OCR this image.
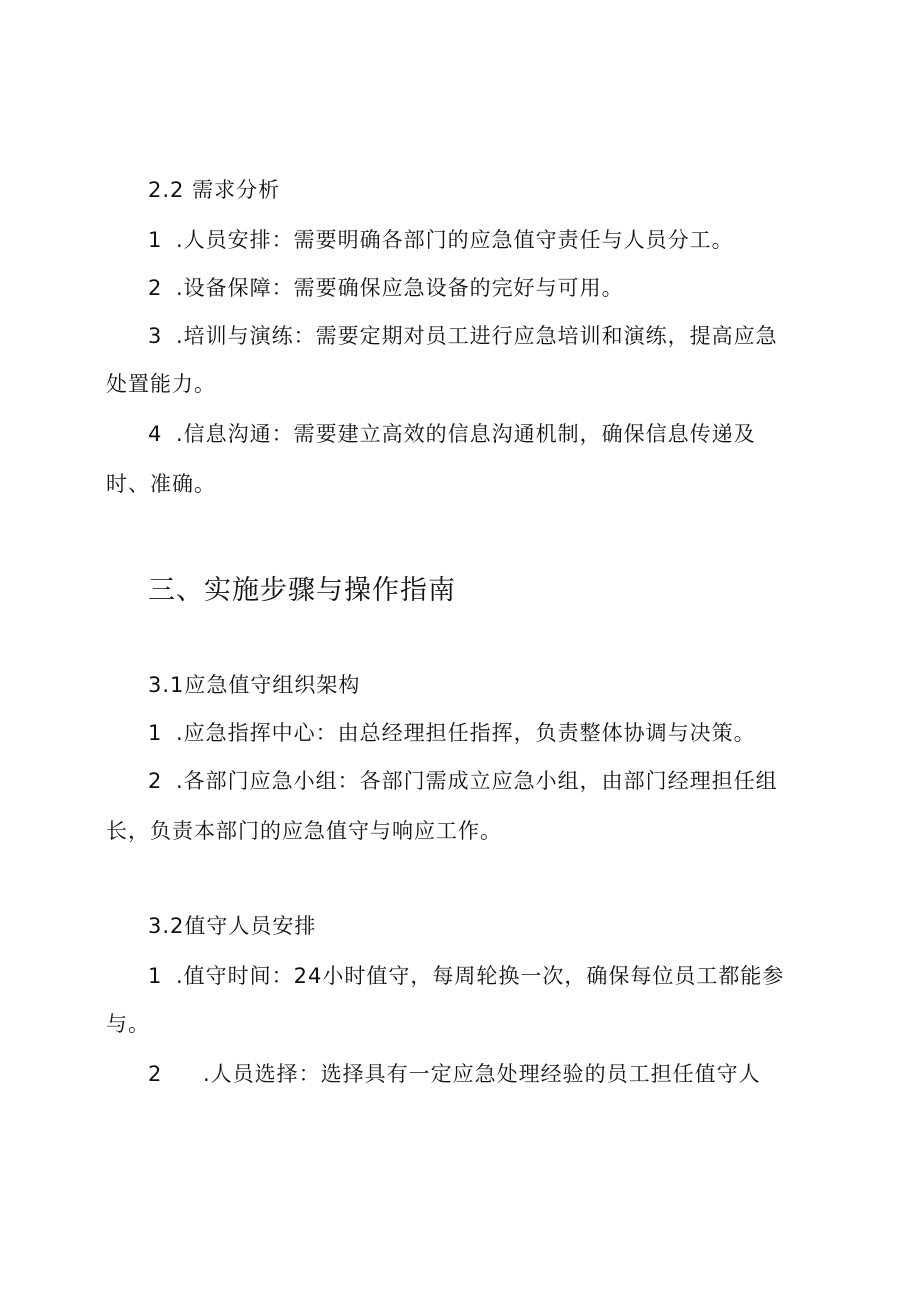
2.2 需求分析
1 .人员安排：需要明确各部门的应急值守责任与人员分工。
2 .设备保障：需要确保应急设备的完好与可用。
3 .培训与演练：需要定期对员工进行应急培训和演练，提高应急
处置能力。
4 .信息沟通：需要建立高效的信息沟通机制，确保信息传递及
时、准确。
三、实施步骤与操作指南
3.1应急值守组织架构
1 .应急指挥中心：由总经理担任指挥，负责整体协调与决策。
2 .各部门应急小组：各部门需成立应急小组，由部门经理担任组
长，负责本部门的应急值守与响应工作。
3.2值守人员安排
1 .值守时间：24小时值守，每周轮换一次，确保每位员工都能参
与。
2 .人员选择：选择具有一定应急处理经验的员工担任值守人
